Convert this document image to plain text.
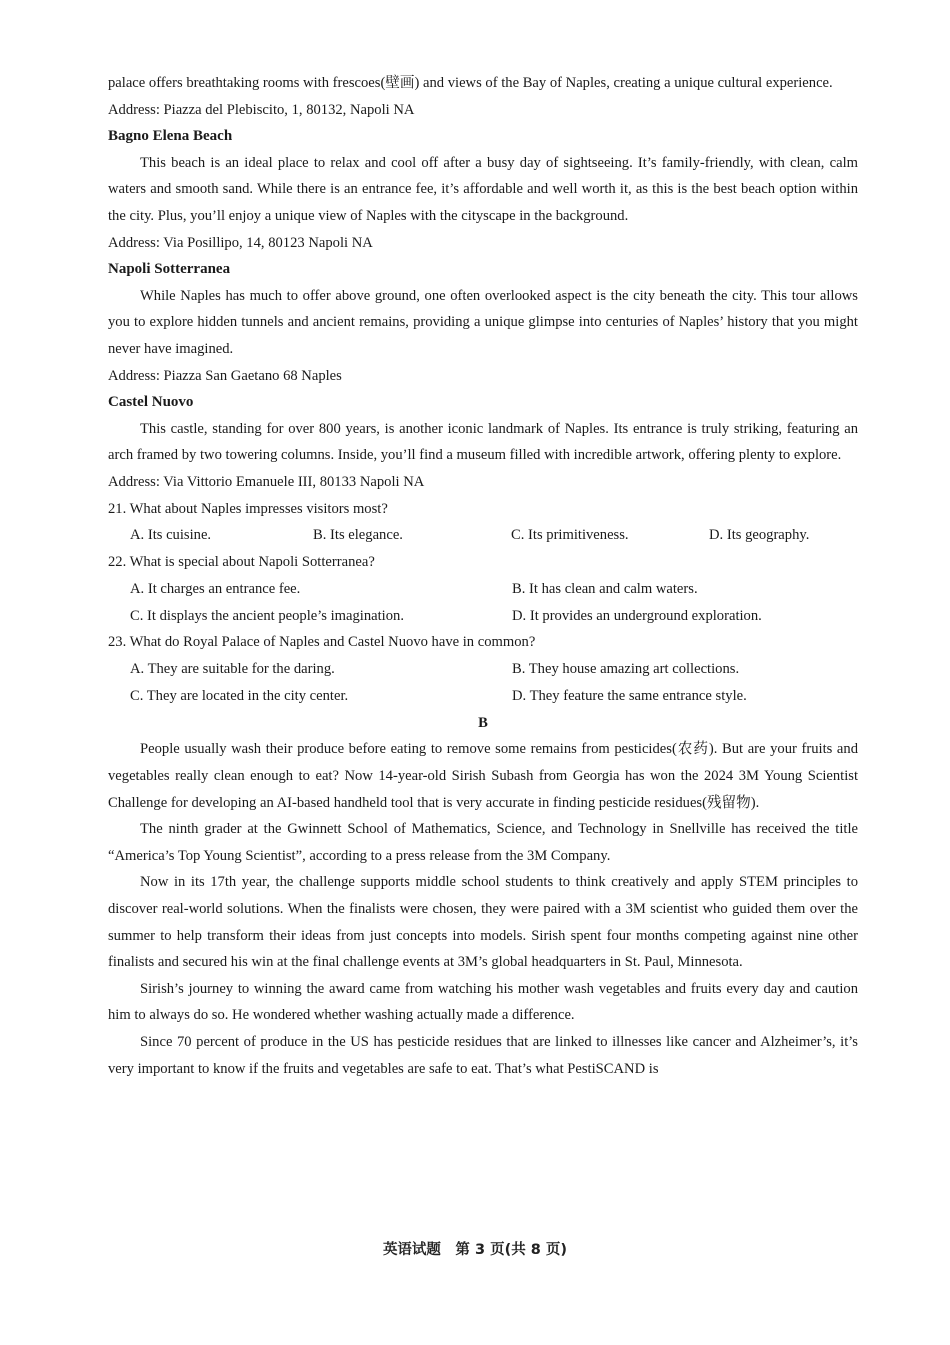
palace offers breathtaking rooms with frescoes(壁画) and views of the Bay of Naples, creating a unique cultural experience.

Address: Piazza del Plebiscito, 1, 80132, Napoli NA
Bagno Elena Beach

This beach is an ideal place to relax and cool off after a busy day of sightseeing. It’s family-friendly, with clean, calm waters and smooth sand. While there is an entrance fee, it’s affordable and well worth it, as this is the best beach option within the city. Plus, you’ll enjoy a unique view of Naples with the cityscape in the background.

Address: Via Posillipo, 14, 80123 Napoli NA
Napoli Sotterranea

While Naples has much to offer above ground, one often overlooked aspect is the city beneath the city. This tour allows you to explore hidden tunnels and ancient remains, providing a unique glimpse into centuries of Naples’ history that you might never have imagined.

Address: Piazza San Gaetano 68 Naples
Castel Nuovo

This castle, standing for over 800 years, is another iconic landmark of Naples. Its entrance is truly striking, featuring an arch framed by two towering columns. Inside, you’ll find a museum filled with incredible artwork, offering plenty to explore.

Address: Via Vittorio Emanuele III, 80133 Napoli NA
21. What about Naples impresses visitors most?
A. Its cuisine.	B. Its elegance.	C. Its primitiveness.	D. Its geography.
22. What is special about Napoli Sotterranea?
A. It charges an entrance fee.	B. It has clean and calm waters.
C. It displays the ancient people’s imagination.	D. It provides an underground exploration.
23. What do Royal Palace of Naples and Castel Nuovo have in common?
A. They are suitable for the daring.	B. They house amazing art collections.
C. They are located in the city center.	D. They feature the same entrance style.
B

People usually wash their produce before eating to remove some remains from pesticides(农药). But are your fruits and vegetables really clean enough to eat? Now 14-year-old Sirish Subash from Georgia has won the 2024 3M Young Scientist Challenge for developing an AI-based handheld tool that is very accurate in finding pesticide residues(残留物).

The ninth grader at the Gwinnett School of Mathematics, Science, and Technology in Snellville has received the title “America’s Top Young Scientist”, according to a press release from the 3M Company.

Now in its 17th year, the challenge supports middle school students to think creatively and apply STEM principles to discover real-world solutions. When the finalists were chosen, they were paired with a 3M scientist who guided them over the summer to help transform their ideas from just concepts into models. Sirish spent four months competing against nine other finalists and secured his win at the final challenge events at 3M’s global headquarters in St. Paul, Minnesota.

Sirish’s journey to winning the award came from watching his mother wash vegetables and fruits every day and caution him to always do so. He wondered whether washing actually made a difference.

Since 70 percent of produce in the US has pesticide residues that are linked to illnesses like cancer and Alzheimer’s, it’s very important to know if the fruits and vegetables are safe to eat. That’s what PestiSCAND is

英语试题　第 3 页(共 8 页)
